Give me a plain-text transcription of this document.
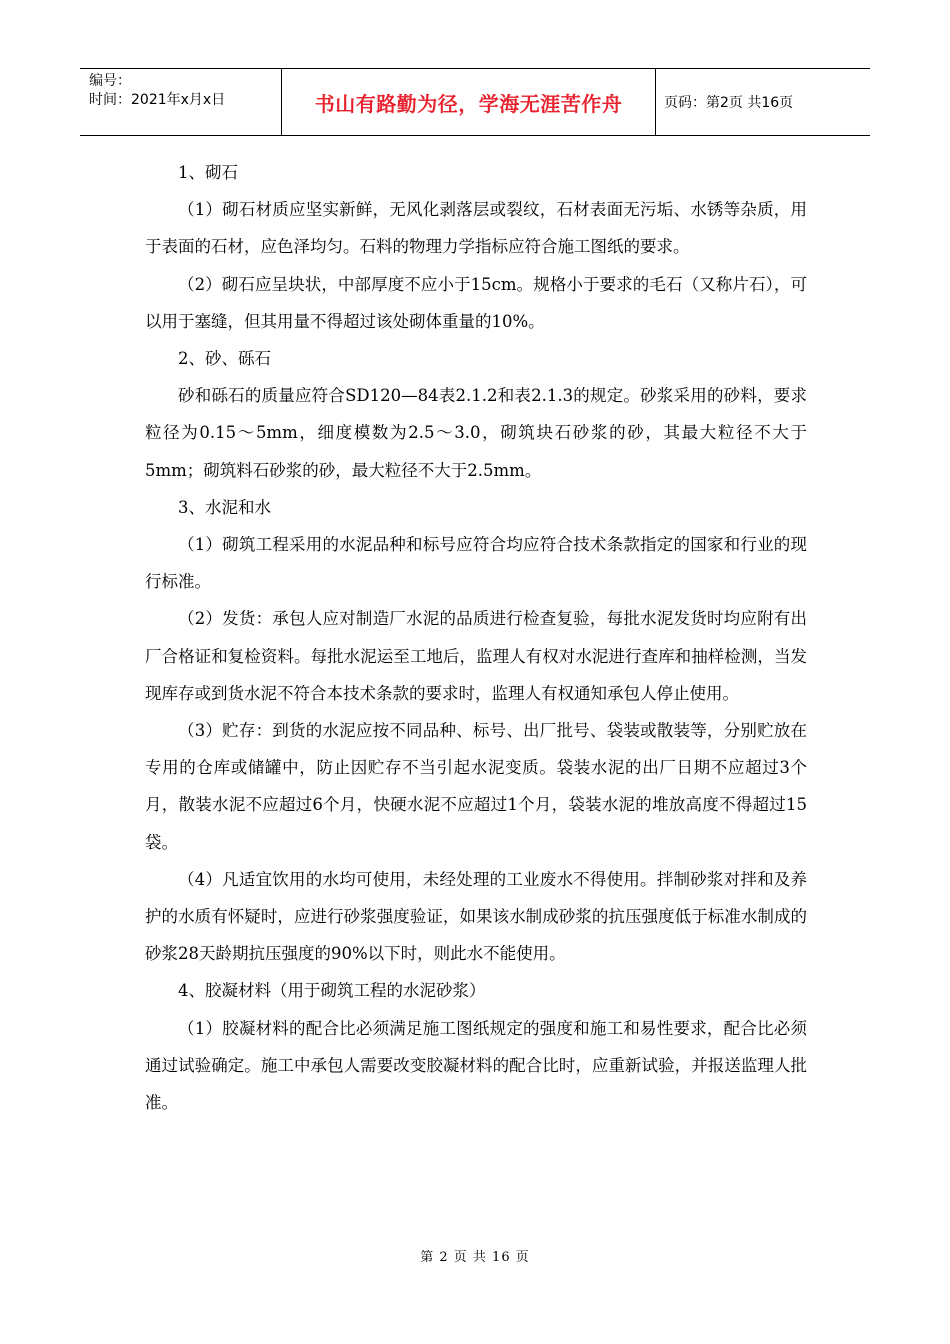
编号：
时间：2021年x月x日	书山有路勤为径，学海无涯苦作舟	页码：第2页 共16页

1、砌石

（1）砌石材质应坚实新鲜，无风化剥落层或裂纹，石材表面无污垢、水锈等杂质，用于表面的石材，应色泽均匀。石料的物理力学指标应符合施工图纸的要求。

（2）砌石应呈块状，中部厚度不应小于15cm。规格小于要求的毛石（又称片石），可以用于塞缝，但其用量不得超过该处砌体重量的10%。

2、砂、砾石

砂和砾石的质量应符合SD120—84表2.1.2和表2.1.3的规定。砂浆采用的砂料，要求粒径为0.15～5mm，细度模数为2.5～3.0，砌筑块石砂浆的砂，其最大粒径不大于5mm；砌筑料石砂浆的砂，最大粒径不大于2.5mm。

3、水泥和水

（1）砌筑工程采用的水泥品种和标号应符合均应符合技术条款指定的国家和行业的现行标准。

（2）发货：承包人应对制造厂水泥的品质进行检查复验，每批水泥发货时均应附有出厂合格证和复检资料。每批水泥运至工地后，监理人有权对水泥进行查库和抽样检测，当发现库存或到货水泥不符合本技术条款的要求时，监理人有权通知承包人停止使用。

（3）贮存：到货的水泥应按不同品种、标号、出厂批号、袋装或散装等，分别贮放在专用的仓库或储罐中，防止因贮存不当引起水泥变质。袋装水泥的出厂日期不应超过3个月，散装水泥不应超过6个月，快硬水泥不应超过1个月，袋装水泥的堆放高度不得超过15袋。

（4）凡适宜饮用的水均可使用，未经处理的工业废水不得使用。拌制砂浆对拌和及养护的水质有怀疑时，应进行砂浆强度验证，如果该水制成砂浆的抗压强度低于标准水制成的砂浆28天龄期抗压强度的90%以下时，则此水不能使用。

4、胶凝材料（用于砌筑工程的水泥砂浆）

（1）胶凝材料的配合比必须满足施工图纸规定的强度和施工和易性要求，配合比必须通过试验确定。施工中承包人需要改变胶凝材料的配合比时，应重新试验，并报送监理人批准。

第 2 页 共 16 页
